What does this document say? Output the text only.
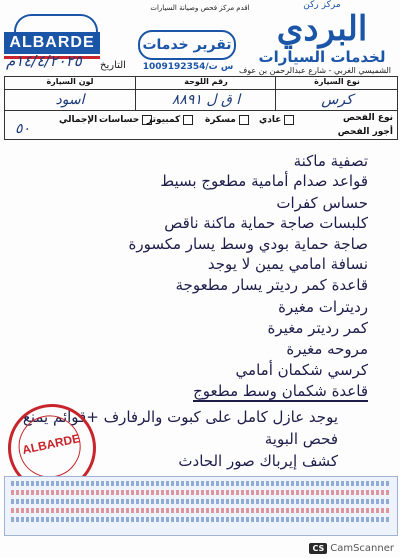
ALBARDE
اقدم مركز فحص وصيانة السيارات
تقرير خدمات
س ت/1009192354
مركز ركن
البردي
لخدمات السيارات
الشميسي الغربي - شارع عبدالرحمن بن عوف
التاريخ
١٤/٤/٢٠٢٥م
نوع السيارة
رقم اللوحة
لون السيارة
كرس
ا ق ل ٨٨٩١
اسود
نوع الفحص
أجور الفحص
عادي
مسكرة
كمبيوتر
حساسات
الإجمالي
٥٠
تصفية ماكنة
قواعد صدام أمامية مطعوج بسيط
حساس كفرات
كلبسات صاجة حماية ماكنة ناقص
صاجة حماية بودي وسط يسار مكسورة
نسافة امامي يمين لا يوجد
قاعدة كمر رديتر يسار مطعوجة
رديترات مغيرة
كمر رديتر مغيرة
مروحه مغيرة
كرسي شكمان أمامي
قاعدة شكمان وسط مطعوج
يوجد عازل كامل على كبوت والرفارف +قوائم يمنع
فحص البوية
كشف إيرباك صور الحادث
ALBARDE
CS CamScanner
